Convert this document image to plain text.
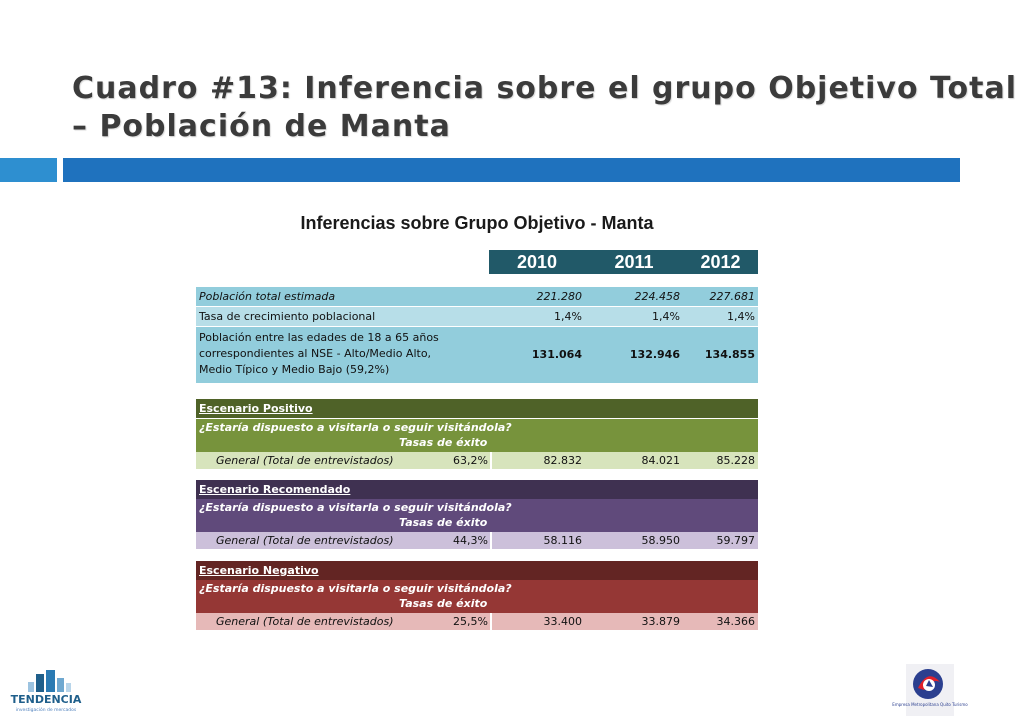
Cuadro #13: Inferencia sobre el grupo Objetivo Total
– Población de Manta
Inferencias sobre Grupo Objetivo - Manta
2010	2011	2012
Población total estimada	221.280	224.458	227.681
Tasa de crecimiento poblacional	1,4%	1,4%	1,4%
Población entre las edades de 18 a 65 años
correspondientes al NSE - Alto/Medio Alto,
Medio Típico y Medio Bajo (59,2%)
131.064	132.946	134.855
Escenario Positivo
¿Estaría dispuesto a visitarla o seguir visitándola?
Tasas de éxito
General (Total de entrevistados)	63,2%	82.832	84.021	85.228
Escenario Recomendado
¿Estaría dispuesto a visitarla o seguir visitándola?
Tasas de éxito
General (Total de entrevistados)	44,3%	58.116	58.950	59.797
Escenario Negativo
¿Estaría dispuesto a visitarla o seguir visitándola?
Tasas de éxito
General (Total de entrevistados)	25,5%	33.400	33.879	34.366
TENDENCIA
investigación de mercados
Empresa Metropolitana Quito Turismo
